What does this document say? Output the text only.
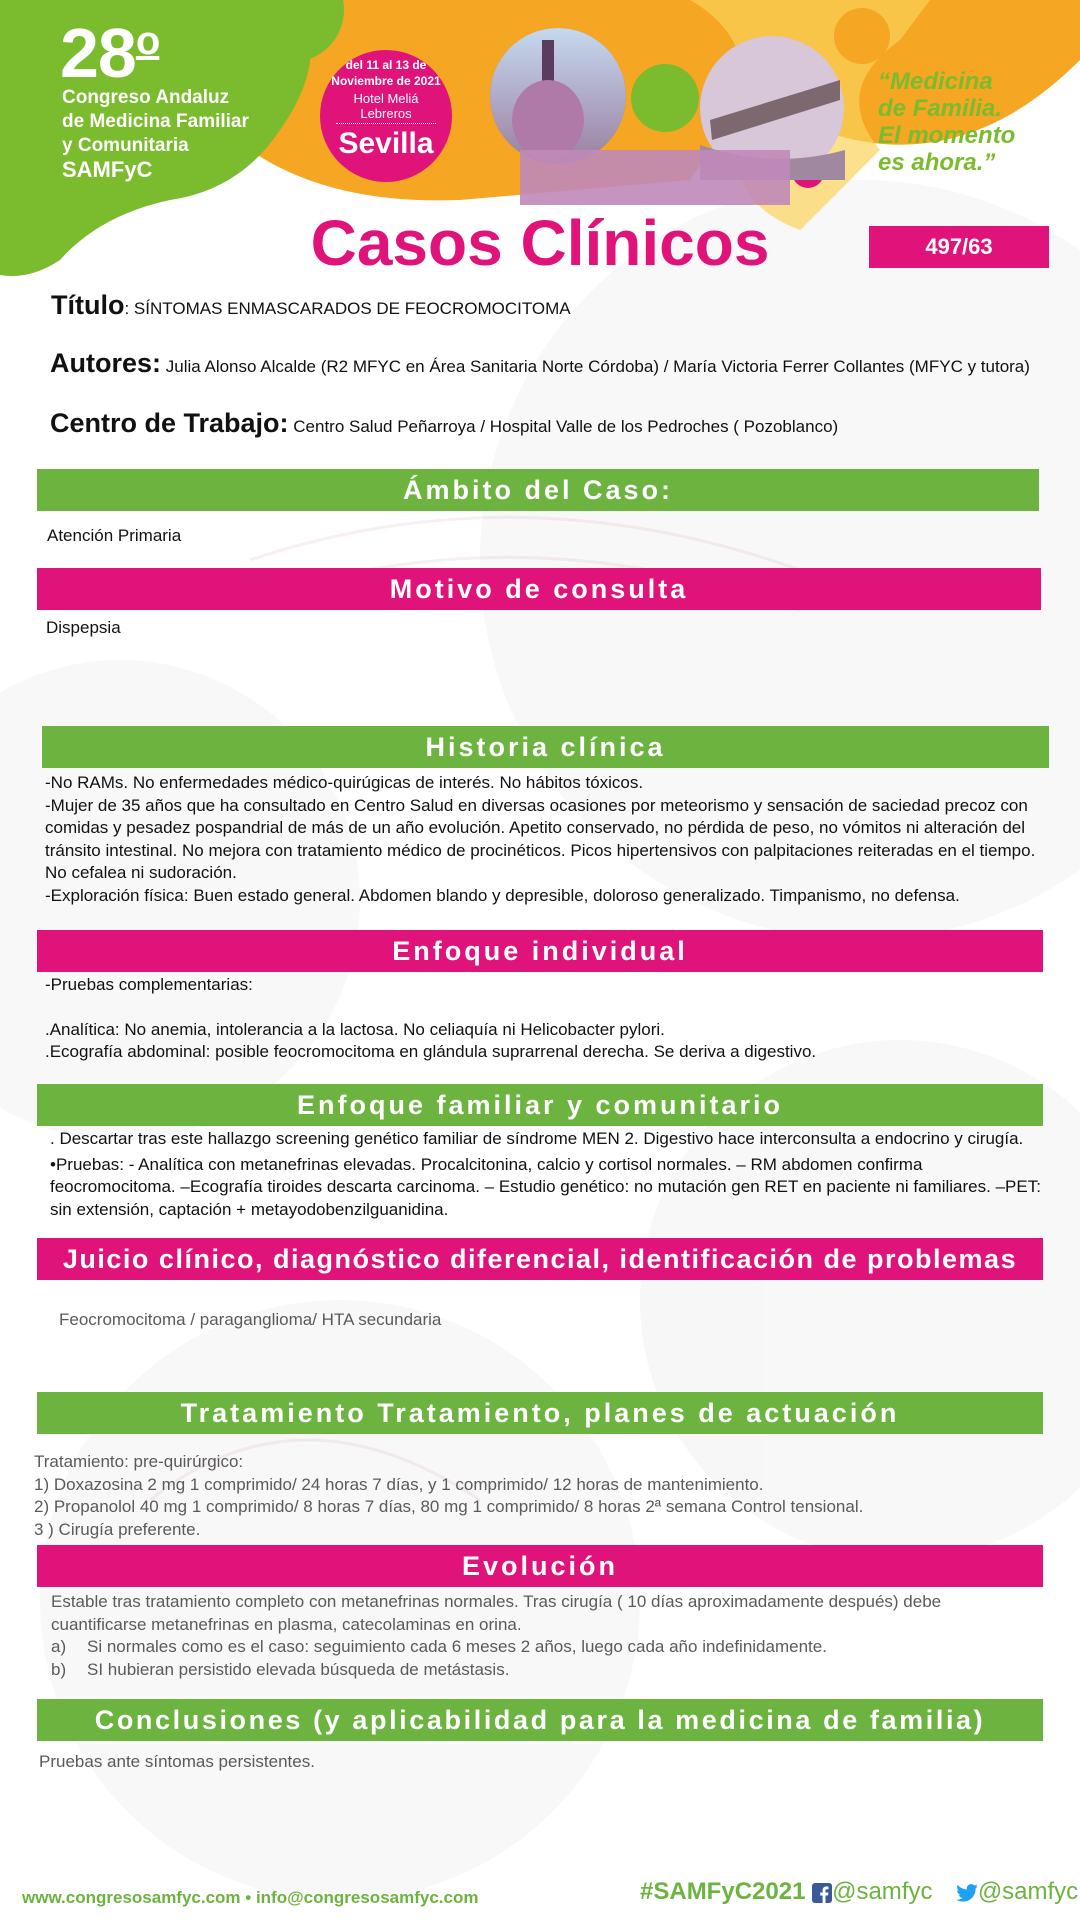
28$^o$
Congreso Andaluz
de Medicina Familiar
y Comunitaria
SAMFyC
del 11 al 13 de
Noviembre de 2021
Hotel Meliá Lebreros
Sevilla
“Medicina
de Familia.
El momento
es ahora.”
Casos Clínicos	497/63
Título: SÍNTOMAS ENMASCARADOS DE FEOCROMOCITOMA
Autores: Julia Alonso Alcalde (R2 MFYC en Área Sanitaria Norte Córdoba) / María Victoria Ferrer Collantes (MFYC y tutora)
Centro de Trabajo: Centro Salud Peñarroya / Hospital Valle de los Pedroches ( Pozoblanco)
Ámbito del Caso:
Atención Primaria
Motivo de consulta
Dispepsia
Historia clínica
-No RAMs. No enfermedades médico-quirúgicas de interés. No hábitos tóxicos.
-Mujer de 35 años que ha consultado en Centro Salud en diversas ocasiones por meteorismo y sensación de saciedad precoz con comidas y pesadez pospandrial de más de un año evolución. Apetito conservado, no pérdida de peso, no vómitos ni alteración del tránsito intestinal. No mejora con tratamiento médico de procinéticos. Picos hipertensivos con palpitaciones reiteradas en el tiempo. No cefalea ni sudoración.
-Exploración física: Buen estado general. Abdomen blando y depresible, doloroso generalizado. Timpanismo, no defensa.
Enfoque individual
-Pruebas complementarias:
.Analítica: No anemia, intolerancia a la lactosa. No celiaquía ni Helicobacter pylori.
.Ecografía abdominal: posible feocromocitoma en glándula suprarrenal derecha. Se deriva a digestivo.
Enfoque familiar y comunitario
. Descartar tras este hallazgo screening genético familiar de síndrome MEN 2. Digestivo hace interconsulta a endocrino y cirugía.
•Pruebas: - Analítica con metanefrinas elevadas. Procalcitonina, calcio y cortisol normales. – RM abdomen confirma feocromocitoma. –Ecografía tiroides descarta carcinoma. – Estudio genético: no mutación gen RET en paciente ni familiares. –PET: sin extensión, captación + metayodobenzilguanidina.
Juicio clínico, diagnóstico diferencial, identificación de problemas
Feocromocitoma / paraganglioma/ HTA secundaria
Tratamiento Tratamiento, planes de actuación
Tratamiento: pre-quirúrgico:
1) Doxazosina 2 mg 1 comprimido/ 24 horas 7 días, y 1 comprimido/ 12 horas de mantenimiento.
2) Propanolol 40 mg 1 comprimido/ 8 horas 7 días, 80 mg 1 comprimido/ 8 horas 2ª semana Control tensional.
3 ) Cirugía preferente.
Evolución
Estable tras tratamiento completo con metanefrinas normales. Tras cirugía ( 10 días aproximadamente después) debe cuantificarse metanefrinas en plasma, catecolaminas en orina.
a)	Si normales como es el caso: seguimiento cada 6 meses 2 años, luego cada año indefinidamente.
b)	SI hubieran persistido elevada búsqueda de metástasis.
Conclusiones (y aplicabilidad para la medicina de familia)
Pruebas ante síntomas persistentes.
www.congresosamfyc.com • info@congresosamfyc.com	#SAMFyC2021 @samfyc @samfyc
